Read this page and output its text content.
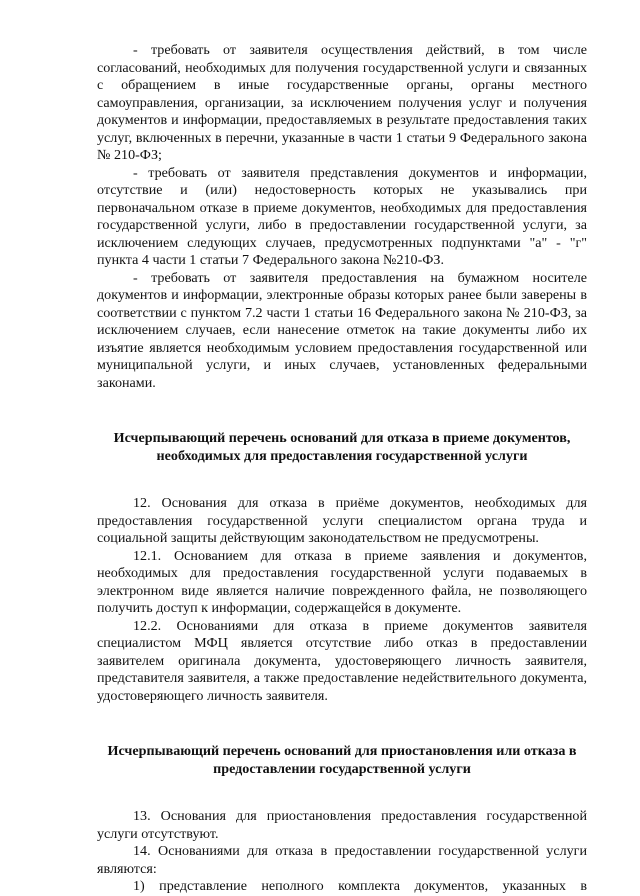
- требовать от заявителя осуществления действий, в том числе согласований, необходимых для получения государственной услуги и связанных с обращением в иные государственные органы, органы местного самоуправления, организации, за исключением получения услуг и получения документов и информации, предоставляемых в результате предоставления таких услуг, включенных в перечни, указанные в части 1 статьи 9 Федерального закона № 210-ФЗ;

- требовать от заявителя представления документов и информации, отсутствие и (или) недостоверность которых не указывались при первоначальном отказе в приеме документов, необходимых для предоставления государственной услуги, либо в предоставлении государственной услуги, за исключением следующих случаев, предусмотренных подпунктами "а" - "г" пункта 4 части 1 статьи 7 Федерального закона №210-ФЗ.

- требовать от заявителя предоставления на бумажном носителе документов и информации, электронные образы которых ранее были заверены в соответствии с пунктом 7.2 части 1 статьи 16 Федерального закона № 210-ФЗ, за исключением случаев, если нанесение отметок на такие документы либо их изъятие является необходимым условием предоставления государственной или муниципальной услуги, и иных случаев, установленных федеральными законами.

Исчерпывающий перечень оснований для отказа в приеме документов,
необходимых для предоставления государственной услуги

12. Основания для отказа в приёме документов, необходимых для предоставления государственной услуги специалистом органа труда и социальной защиты действующим законодательством не предусмотрены.

12.1. Основанием для отказа в приеме заявления и документов, необходимых для предоставления государственной услуги подаваемых в электронном виде является наличие поврежденного файла, не позволяющего получить доступ к информации, содержащейся в документе.

12.2. Основаниями для отказа в приеме документов заявителя специалистом МФЦ является отсутствие либо отказ в предоставлении заявителем оригинала документа, удостоверяющего личность заявителя, представителя заявителя, а также предоставление недействительного документа, удостоверяющего личность заявителя.

Исчерпывающий перечень оснований для приостановления или отказа в
предоставлении государственной услуги

13. Основания для приостановления предоставления государственной услуги отсутствуют.

14. Основаниями для отказа в предоставлении государственной услуги являются:

1) представление неполного комплекта документов, указанных в
